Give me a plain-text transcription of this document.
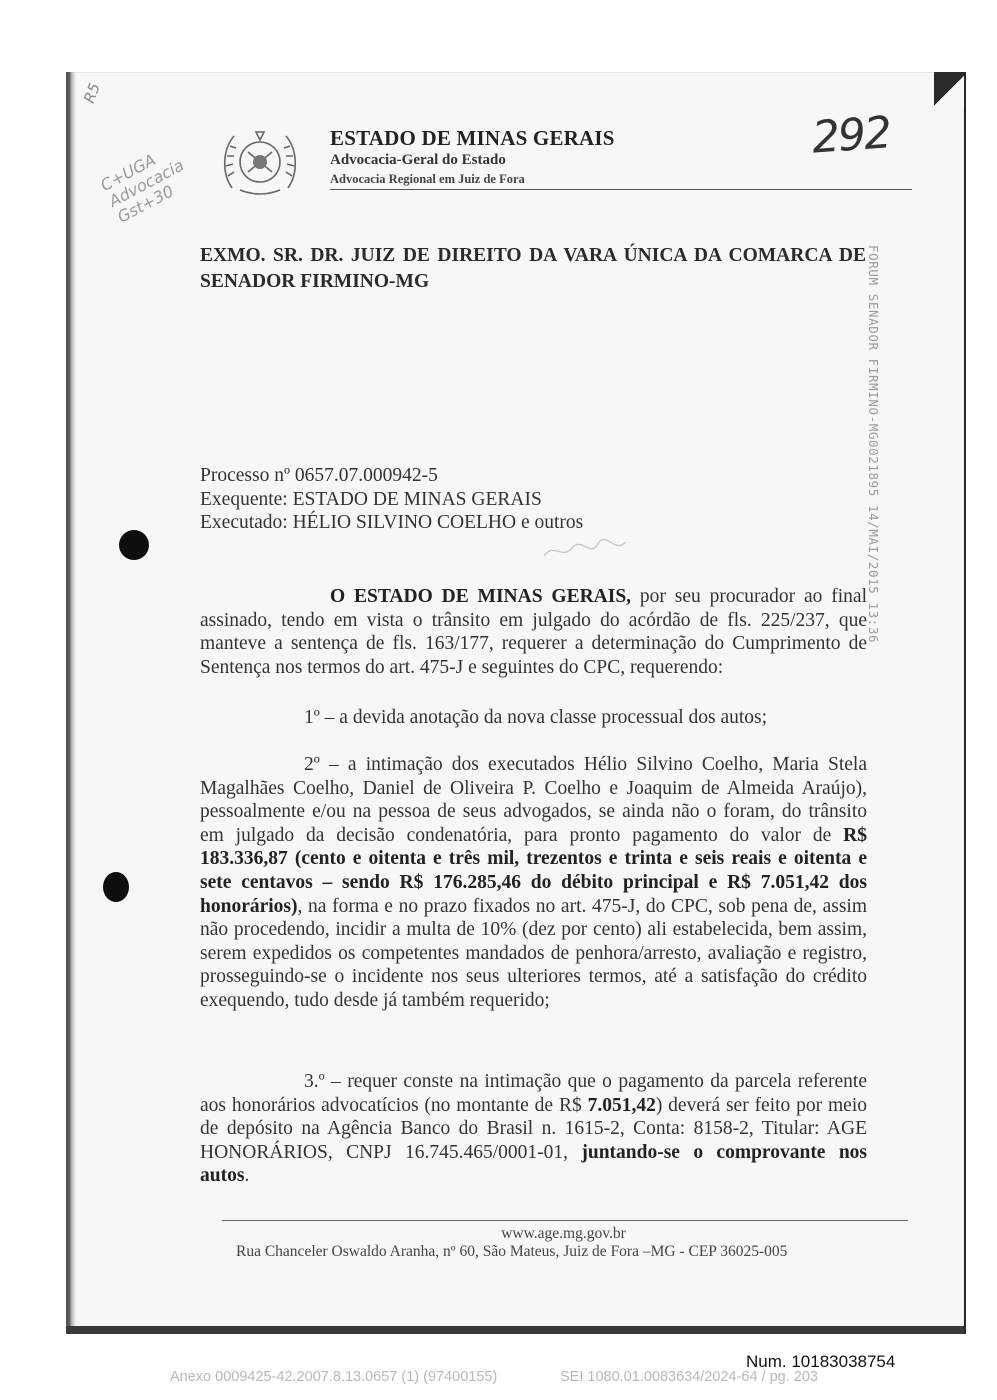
R5
C+UGA Advocacia Gst+30
FORUM SENADOR FIRMINO-MG0021895 14/MAI/2015 13:36
ESTADO DE MINAS GERAIS
Advocacia-Geral do Estado
Advocacia Regional em Juiz de Fora
292
EXMO. SR. DR. JUIZ DE DIREITO DA VARA ÚNICA DA COMARCA DE SENADOR FIRMINO-MG
Processo nº 0657.07.000942-5
Exequente: ESTADO DE MINAS GERAIS
Executado: HÉLIO SILVINO COELHO e outros
O ESTADO DE MINAS GERAIS, por seu procurador ao final assinado, tendo em vista o trânsito em julgado do acórdão de fls. 225/237, que manteve a sentença de fls. 163/177, requerer a determinação do Cumprimento de Sentença nos termos do art. 475-J e seguintes do CPC, requerendo:
1º – a devida anotação da nova classe processual dos autos;
2º – a intimação dos executados Hélio Silvino Coelho, Maria Stela Magalhães Coelho, Daniel de Oliveira P. Coelho e Joaquim de Almeida Araújo), pessoalmente e/ou na pessoa de seus advogados, se ainda não o foram, do trânsito em julgado da decisão condenatória, para pronto pagamento do valor de R$ 183.336,87 (cento e oitenta e três mil, trezentos e trinta e seis reais e oitenta e sete centavos – sendo R$ 176.285,46 do débito principal e R$ 7.051,42 dos honorários), na forma e no prazo fixados no art. 475-J, do CPC, sob pena de, assim não procedendo, incidir a multa de 10% (dez por cento) ali estabelecida, bem assim, serem expedidos os competentes mandados de penhora/arresto, avaliação e registro, prosseguindo-se o incidente nos seus ulteriores termos, até a satisfação do crédito exequendo, tudo desde já também requerido;
3.º – requer conste na intimação que o pagamento da parcela referente aos honorários advocatícios (no montante de R$ 7.051,42) deverá ser feito por meio de depósito na Agência Banco do Brasil n. 1615-2, Conta: 8158-2, Titular: AGE HONORÁRIOS, CNPJ 16.745.465/0001-01, juntando-se o comprovante nos autos.
www.age.mg.gov.br
Rua Chanceler Oswaldo Aranha, nº 60, São Mateus, Juiz de Fora –MG - CEP 36025-005
Num. 10183038754
Anexo 0009425-42.2007.8.13.0657 (1) (97400155)	SEI 1080.01.0083634/2024-64 / pg. 203
